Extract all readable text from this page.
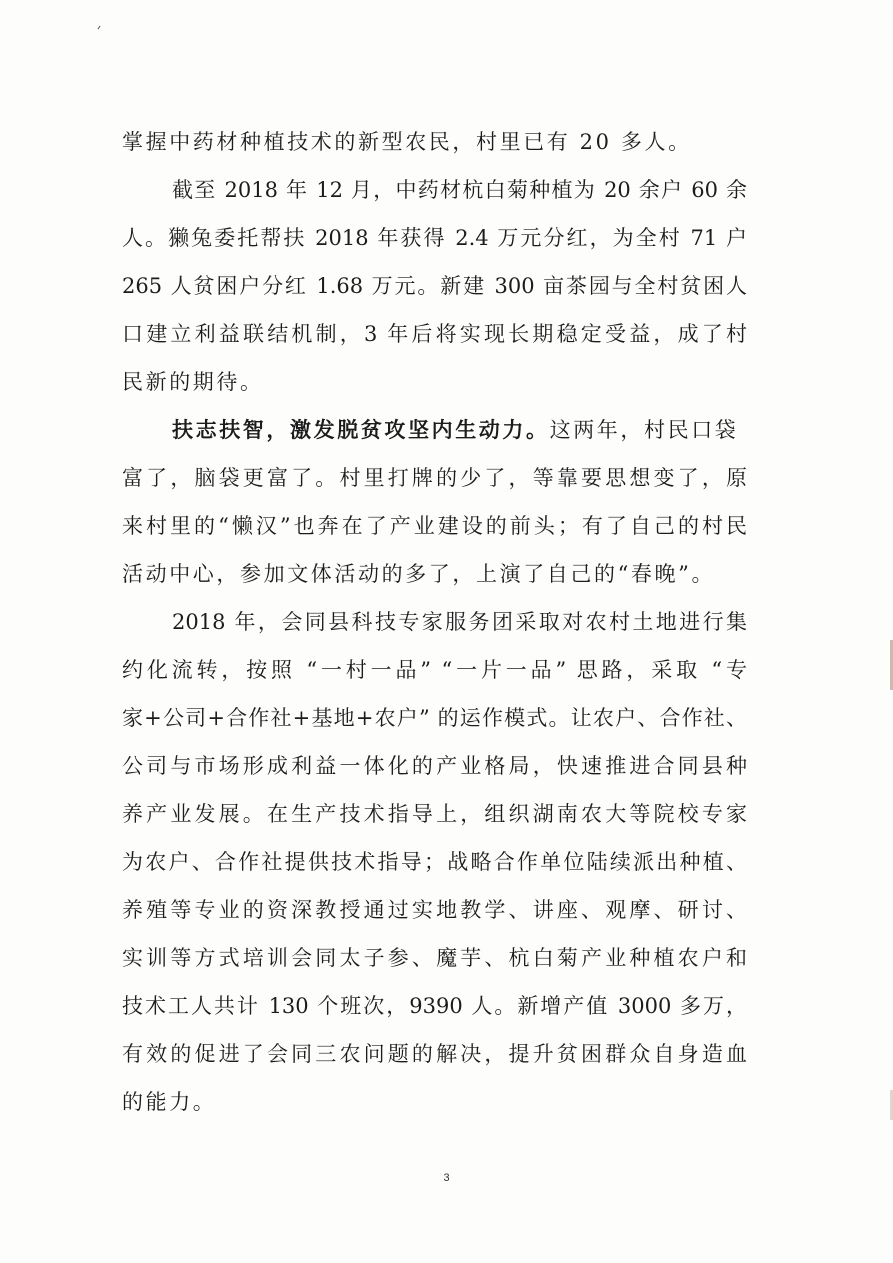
掌握中药材种植技术的新型农民，村里已有 20 多人。
截至 2018 年 12 月，中药材杭白菊种植为 20 余户 60 余
人。獭兔委托帮扶 2018 年获得 2.4 万元分红，为全村 71 户
265 人贫困户分红 1.68 万元。新建 300 亩茶园与全村贫困人
口建立利益联结机制，3 年后将实现长期稳定受益，成了村
民新的期待。
扶志扶智，激发脱贫攻坚内生动力。这两年，村民口袋
富了，脑袋更富了。村里打牌的少了，等靠要思想变了，原
来村里的“懒汉”也奔在了产业建设的前头；有了自己的村民
活动中心，参加文体活动的多了，上演了自己的“春晚”。
2018 年，会同县科技专家服务团采取对农村土地进行集
约化流转，按照 “一村一品” “一片一品” 思路，采取 “专
家+公司+合作社+基地+农户” 的运作模式。让农户、合作社、
公司与市场形成利益一体化的产业格局，快速推进合同县种
养产业发展。在生产技术指导上，组织湖南农大等院校专家
为农户、合作社提供技术指导；战略合作单位陆续派出种植、
养殖等专业的资深教授通过实地教学、讲座、观摩、研讨、
实训等方式培训会同太子参、魔芋、杭白菊产业种植农户和
技术工人共计 130 个班次，9390 人。新增产值 3000 多万，
有效的促进了会同三农问题的解决，提升贫困群众自身造血
的能力。
3
